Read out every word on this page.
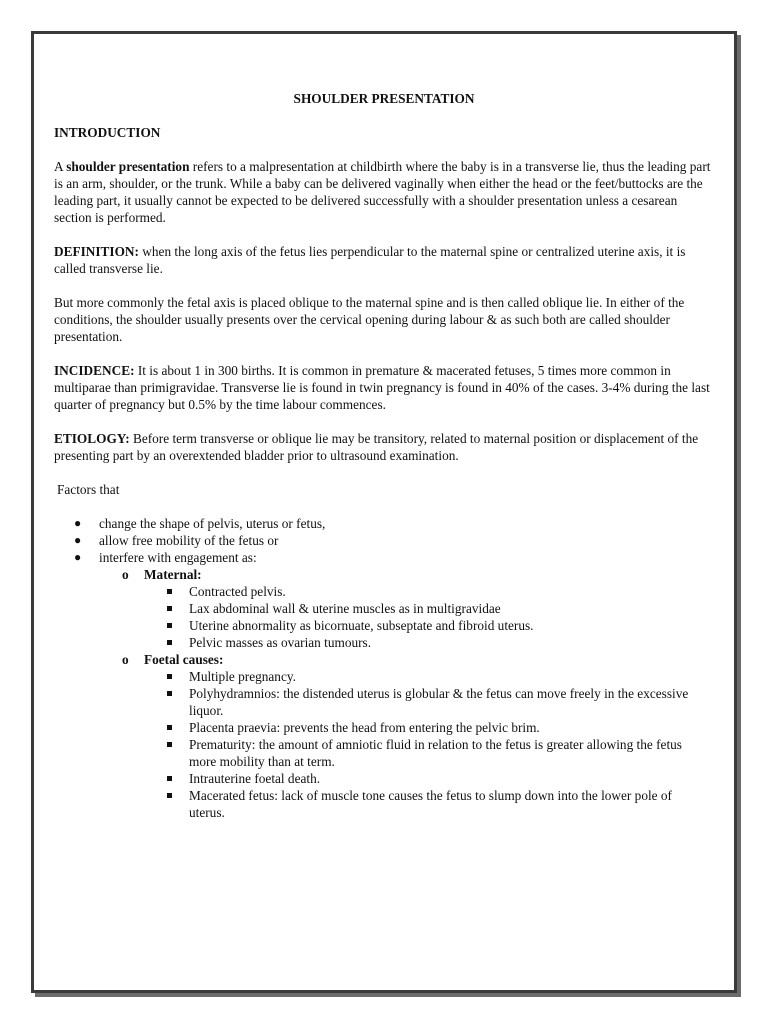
SHOULDER PRESENTATION
INTRODUCTION

A shoulder presentation refers to a malpresentation at childbirth where the baby is in a transverse lie, thus the leading part is an arm, shoulder, or the trunk. While a baby can be delivered vaginally when either the head or the feet/buttocks are the leading part, it usually cannot be expected to be delivered successfully with a shoulder presentation unless a cesarean section is performed.

DEFINITION: when the long axis of the fetus lies perpendicular to the maternal spine or centralized uterine axis, it is called transverse lie.

But more commonly the fetal axis is placed oblique to the maternal spine and is then called oblique lie. In either of the conditions, the shoulder usually presents over the cervical opening during labour & as such both are called shoulder presentation.

INCIDENCE: It is about 1 in 300 births. It is common in premature & macerated fetuses, 5 times more common in multiparae than primigravidae. Transverse lie is found in twin pregnancy is found in 40% of the cases. 3-4% during the last quarter of pregnancy but 0.5% by the time labour commences.

ETIOLOGY: Before term transverse or oblique lie may be transitory, related to maternal position or displacement of the presenting part by an overextended bladder prior to ultrasound examination.

Factors that
● change the shape of pelvis, uterus or fetus,
● allow free mobility of the fetus or
● interfere with engagement as:
o Maternal:
Contracted pelvis.
Lax abdominal wall & uterine muscles as in multigravidae
Uterine abnormality as bicornuate, subseptate and fibroid uterus.
Pelvic masses as ovarian tumours.
o Foetal causes:
Multiple pregnancy.
Polyhydramnios: the distended uterus is globular & the fetus can move freely in the excessive liquor.
Placenta praevia: prevents the head from entering the pelvic brim.
Prematurity: the amount of amniotic fluid in relation to the fetus is greater allowing the fetus more mobility than at term.
Intrauterine foetal death.
Macerated fetus: lack of muscle tone causes the fetus to slump down into the lower pole of uterus.
